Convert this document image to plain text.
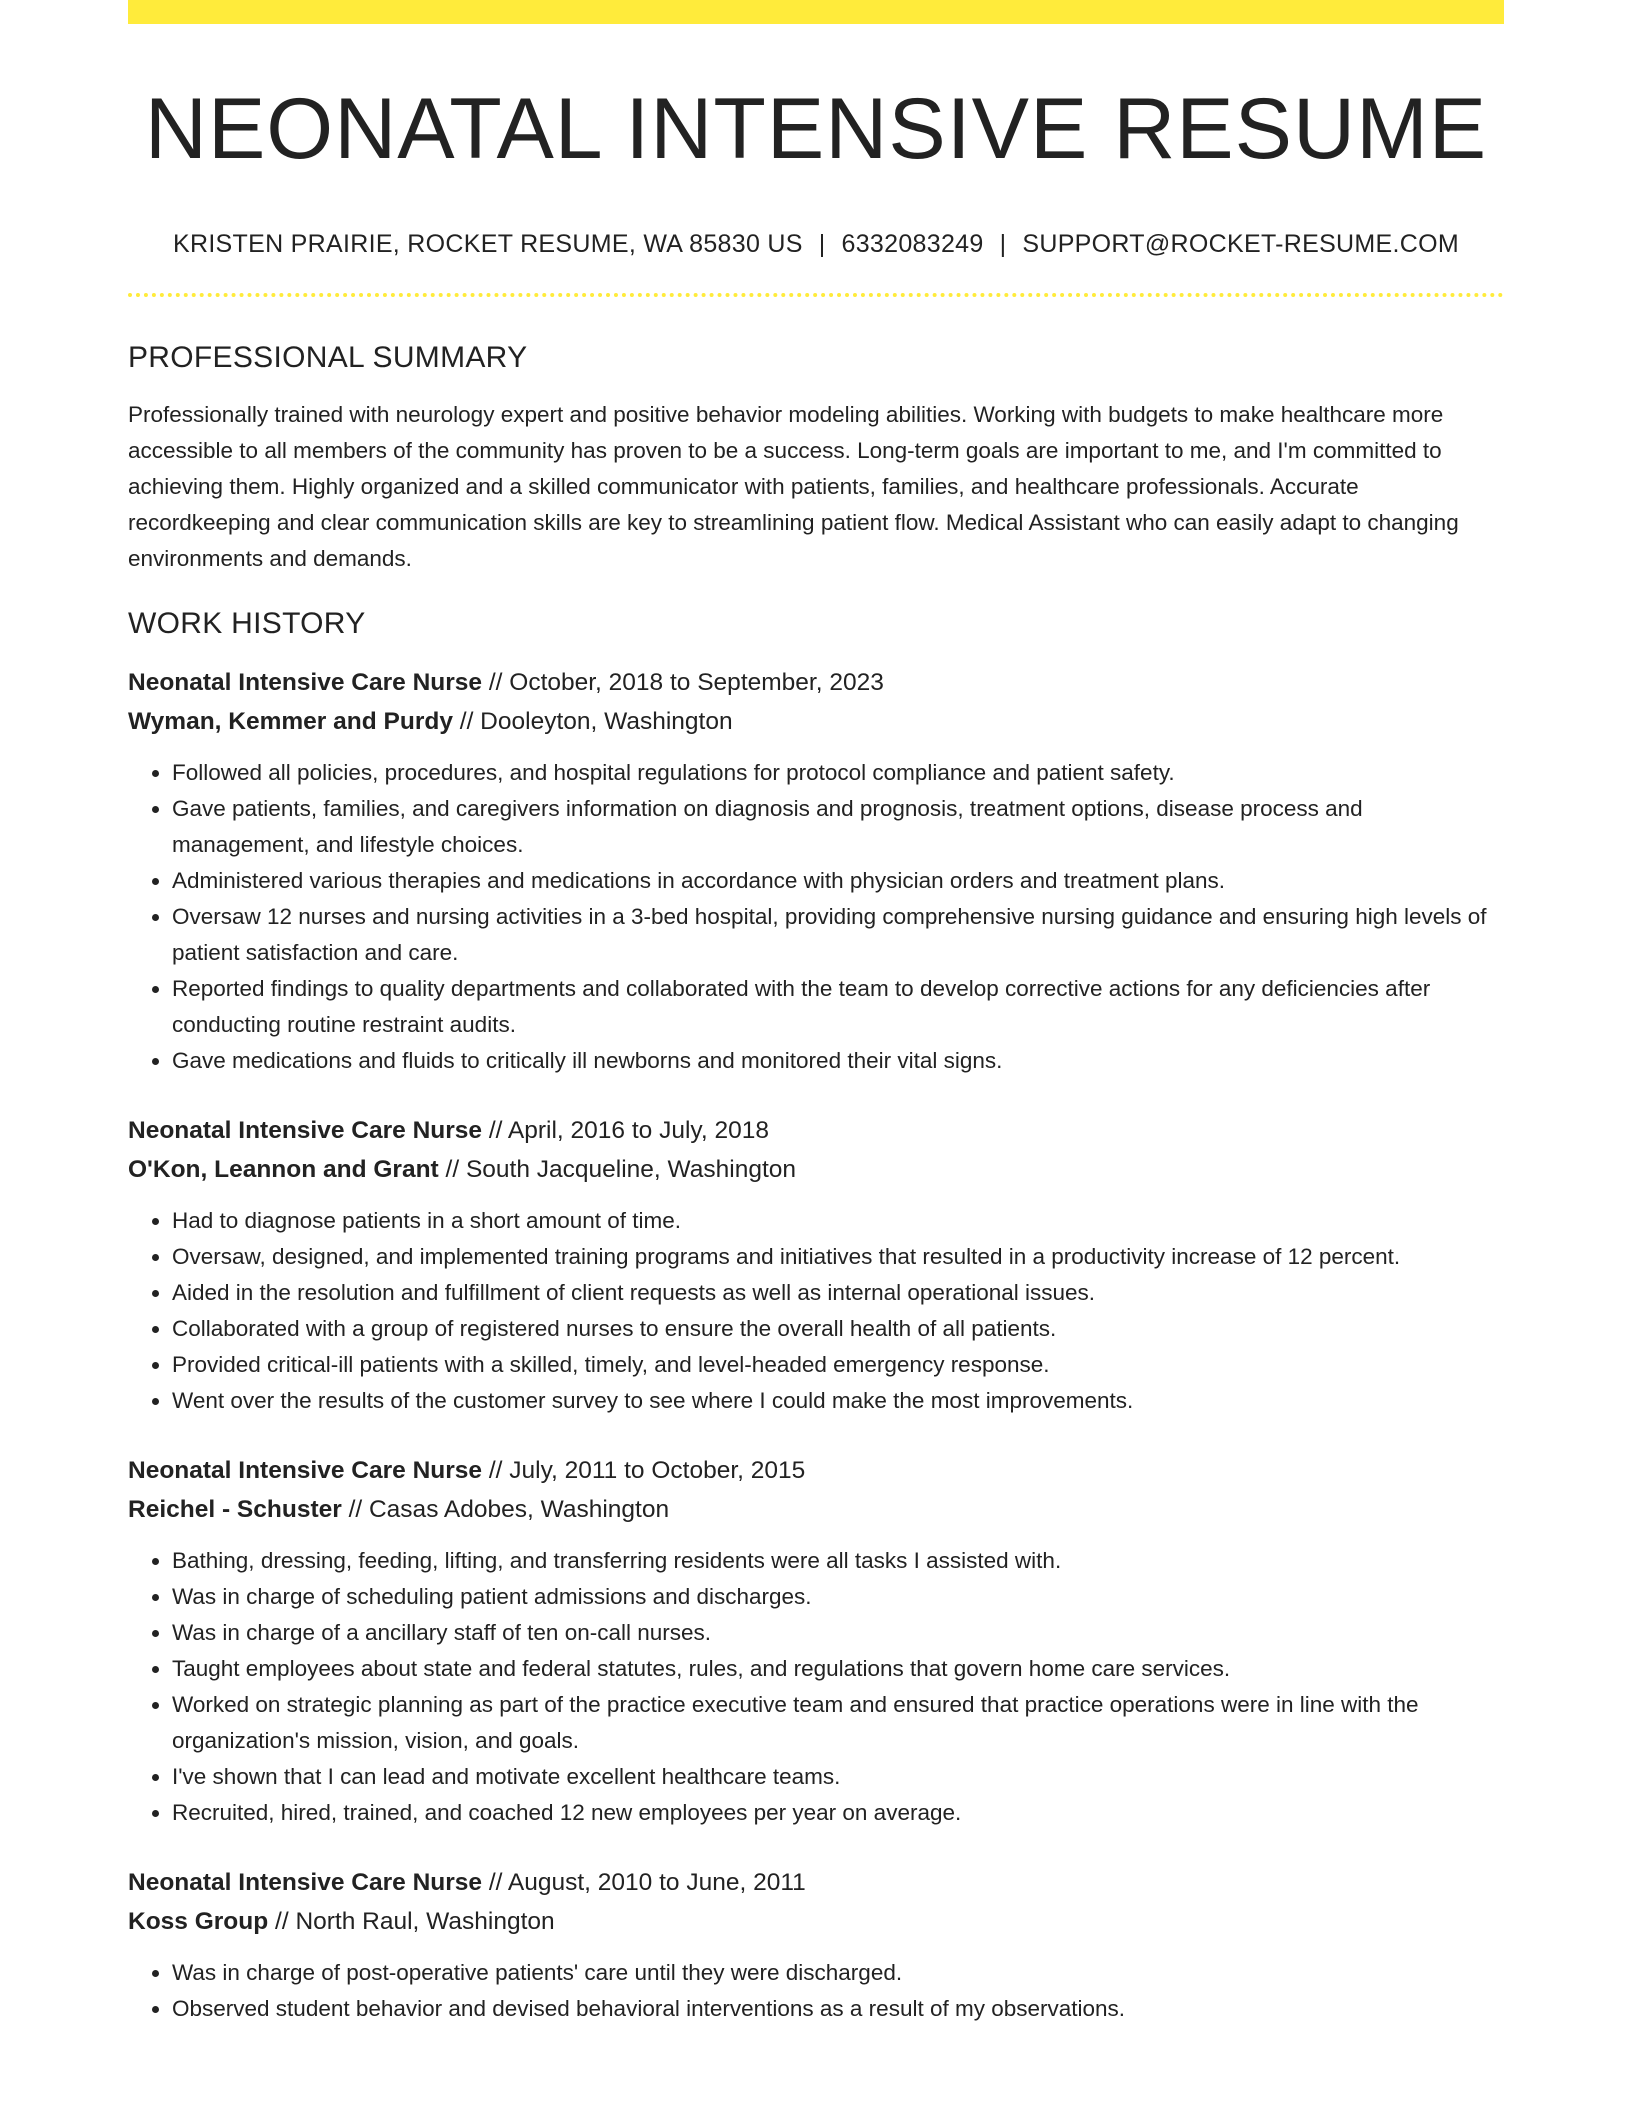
NEONATAL INTENSIVE RESUME
KRISTEN PRAIRIE, ROCKET RESUME, WA 85830 US | 6332083249 | SUPPORT@ROCKET-RESUME.COM
PROFESSIONAL SUMMARY

Professionally trained with neurology expert and positive behavior modeling abilities. Working with budgets to make healthcare more accessible to all members of the community has proven to be a success. Long-term goals are important to me, and I'm committed to achieving them. Highly organized and a skilled communicator with patients, families, and healthcare professionals. Accurate recordkeeping and clear communication skills are key to streamlining patient flow. Medical Assistant who can easily adapt to changing environments and demands.

WORK HISTORY
Neonatal Intensive Care Nurse // October, 2018 to September, 2023
Wyman, Kemmer and Purdy // Dooleyton, Washington
• Followed all policies, procedures, and hospital regulations for protocol compliance and patient safety.
• Gave patients, families, and caregivers information on diagnosis and prognosis, treatment options, disease process and management, and lifestyle choices.
• Administered various therapies and medications in accordance with physician orders and treatment plans.
• Oversaw 12 nurses and nursing activities in a 3-bed hospital, providing comprehensive nursing guidance and ensuring high levels of patient satisfaction and care.
• Reported findings to quality departments and collaborated with the team to develop corrective actions for any deficiencies after conducting routine restraint audits.
• Gave medications and fluids to critically ill newborns and monitored their vital signs.
Neonatal Intensive Care Nurse // April, 2016 to July, 2018
O'Kon, Leannon and Grant // South Jacqueline, Washington
• Had to diagnose patients in a short amount of time.
• Oversaw, designed, and implemented training programs and initiatives that resulted in a productivity increase of 12 percent.
• Aided in the resolution and fulfillment of client requests as well as internal operational issues.
• Collaborated with a group of registered nurses to ensure the overall health of all patients.
• Provided critical-ill patients with a skilled, timely, and level-headed emergency response.
• Went over the results of the customer survey to see where I could make the most improvements.
Neonatal Intensive Care Nurse // July, 2011 to October, 2015
Reichel - Schuster // Casas Adobes, Washington
• Bathing, dressing, feeding, lifting, and transferring residents were all tasks I assisted with.
• Was in charge of scheduling patient admissions and discharges.
• Was in charge of a ancillary staff of ten on-call nurses.
• Taught employees about state and federal statutes, rules, and regulations that govern home care services.
• Worked on strategic planning as part of the practice executive team and ensured that practice operations were in line with the organization's mission, vision, and goals.
• I've shown that I can lead and motivate excellent healthcare teams.
• Recruited, hired, trained, and coached 12 new employees per year on average.
Neonatal Intensive Care Nurse // August, 2010 to June, 2011
Koss Group // North Raul, Washington
• Was in charge of post-operative patients' care until they were discharged.
• Observed student behavior and devised behavioral interventions as a result of my observations.
